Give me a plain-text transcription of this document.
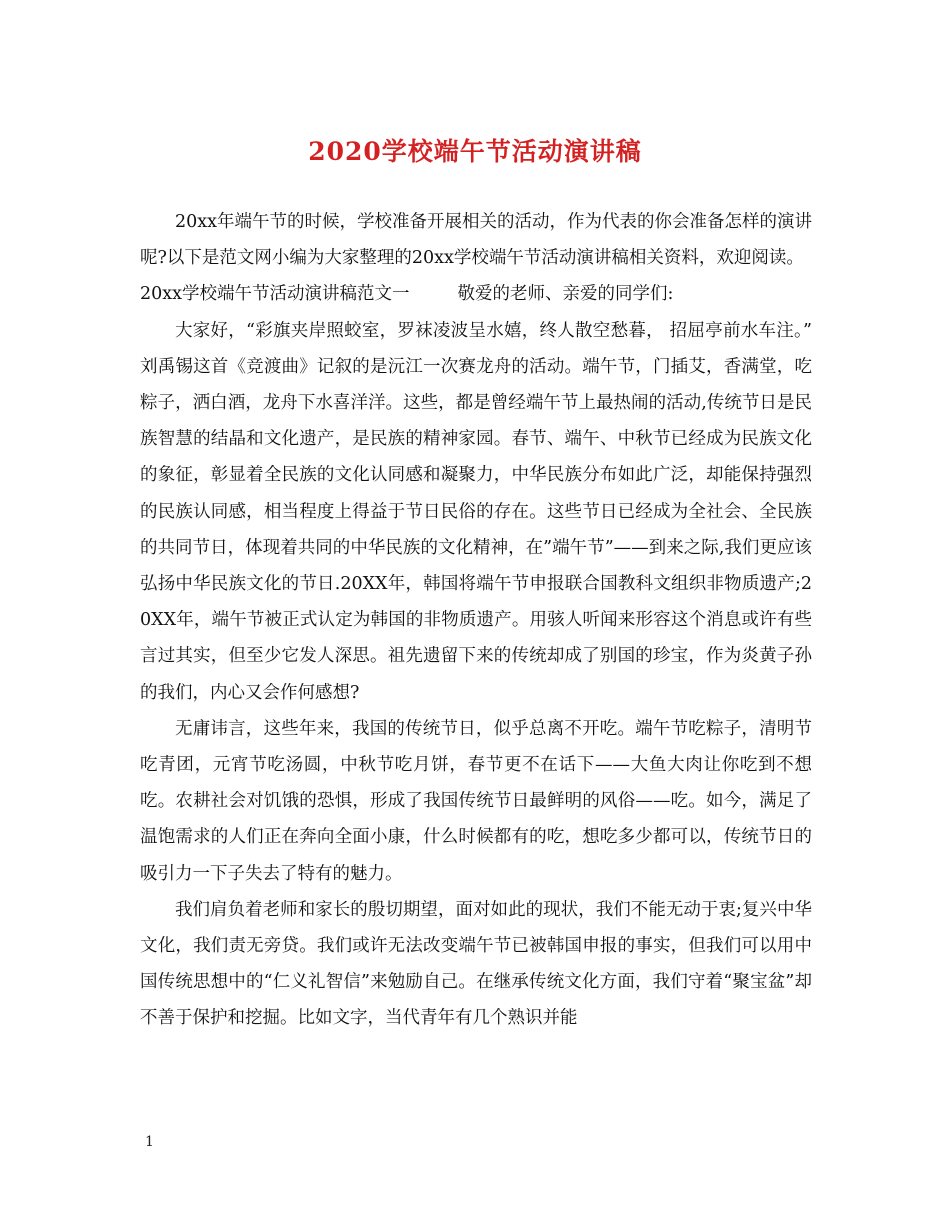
2020学校端午节活动演讲稿

20xx年端午节的时候，学校准备开展相关的活动，作为代表的你会准备怎样的演讲呢?以下是范文网小编为大家整理的20xx学校端午节活动演讲稿相关资料，欢迎阅读。

20xx学校端午节活动演讲稿范文一	敬爱的老师、亲爱的同学们:

大家好，“彩旗夹岸照蛟室，罗袜凌波呈水嬉，终人散空愁暮， 招屈亭前水车注。” 刘禹锡这首《竞渡曲》记叙的是沅江一次赛龙舟的活动。端午节，门插艾，香满堂，吃粽子，洒白酒，龙舟下水喜洋洋。这些，都是曾经端午节上最热闹的活动,传统节日是民族智慧的结晶和文化遗产，是民族的精神家园。春节、端午、中秋节已经成为民族文化的象征，彰显着全民族的文化认同感和凝聚力，中华民族分布如此广泛，却能保持强烈的民族认同感，相当程度上得益于节日民俗的存在。这些节日已经成为全社会、全民族的共同节日，体现着共同的中华民族的文化精神，在”端午节”——到来之际,我们更应该弘扬中华民族文化的节日.20XX年，韩国将端午节申报联合国教科文组织非物质遗产;20XX年，端午节被正式认定为韩国的非物质遗产。用骇人听闻来形容这个消息或许有些言过其实，但至少它发人深思。祖先遗留下来的传统却成了别国的珍宝，作为炎黄子孙的我们，内心又会作何感想?

无庸讳言，这些年来，我国的传统节日，似乎总离不开吃。端午节吃粽子，清明节吃青团，元宵节吃汤圆，中秋节吃月饼，春节更不在话下——大鱼大肉让你吃到不想吃。农耕社会对饥饿的恐惧，形成了我国传统节日最鲜明的风俗——吃。如今，满足了温饱需求的人们正在奔向全面小康，什么时候都有的吃，想吃多少都可以，传统节日的吸引力一下子失去了特有的魅力。

我们肩负着老师和家长的殷切期望，面对如此的现状，我们不能无动于衷;复兴中华文化，我们责无旁贷。我们或许无法改变端午节已被韩国申报的事实，但我们可以用中国传统思想中的“仁义礼智信”来勉励自己。在继承传统文化方面，我们守着“聚宝盆”却不善于保护和挖掘。比如文字，当代青年有几个熟识并能

1
